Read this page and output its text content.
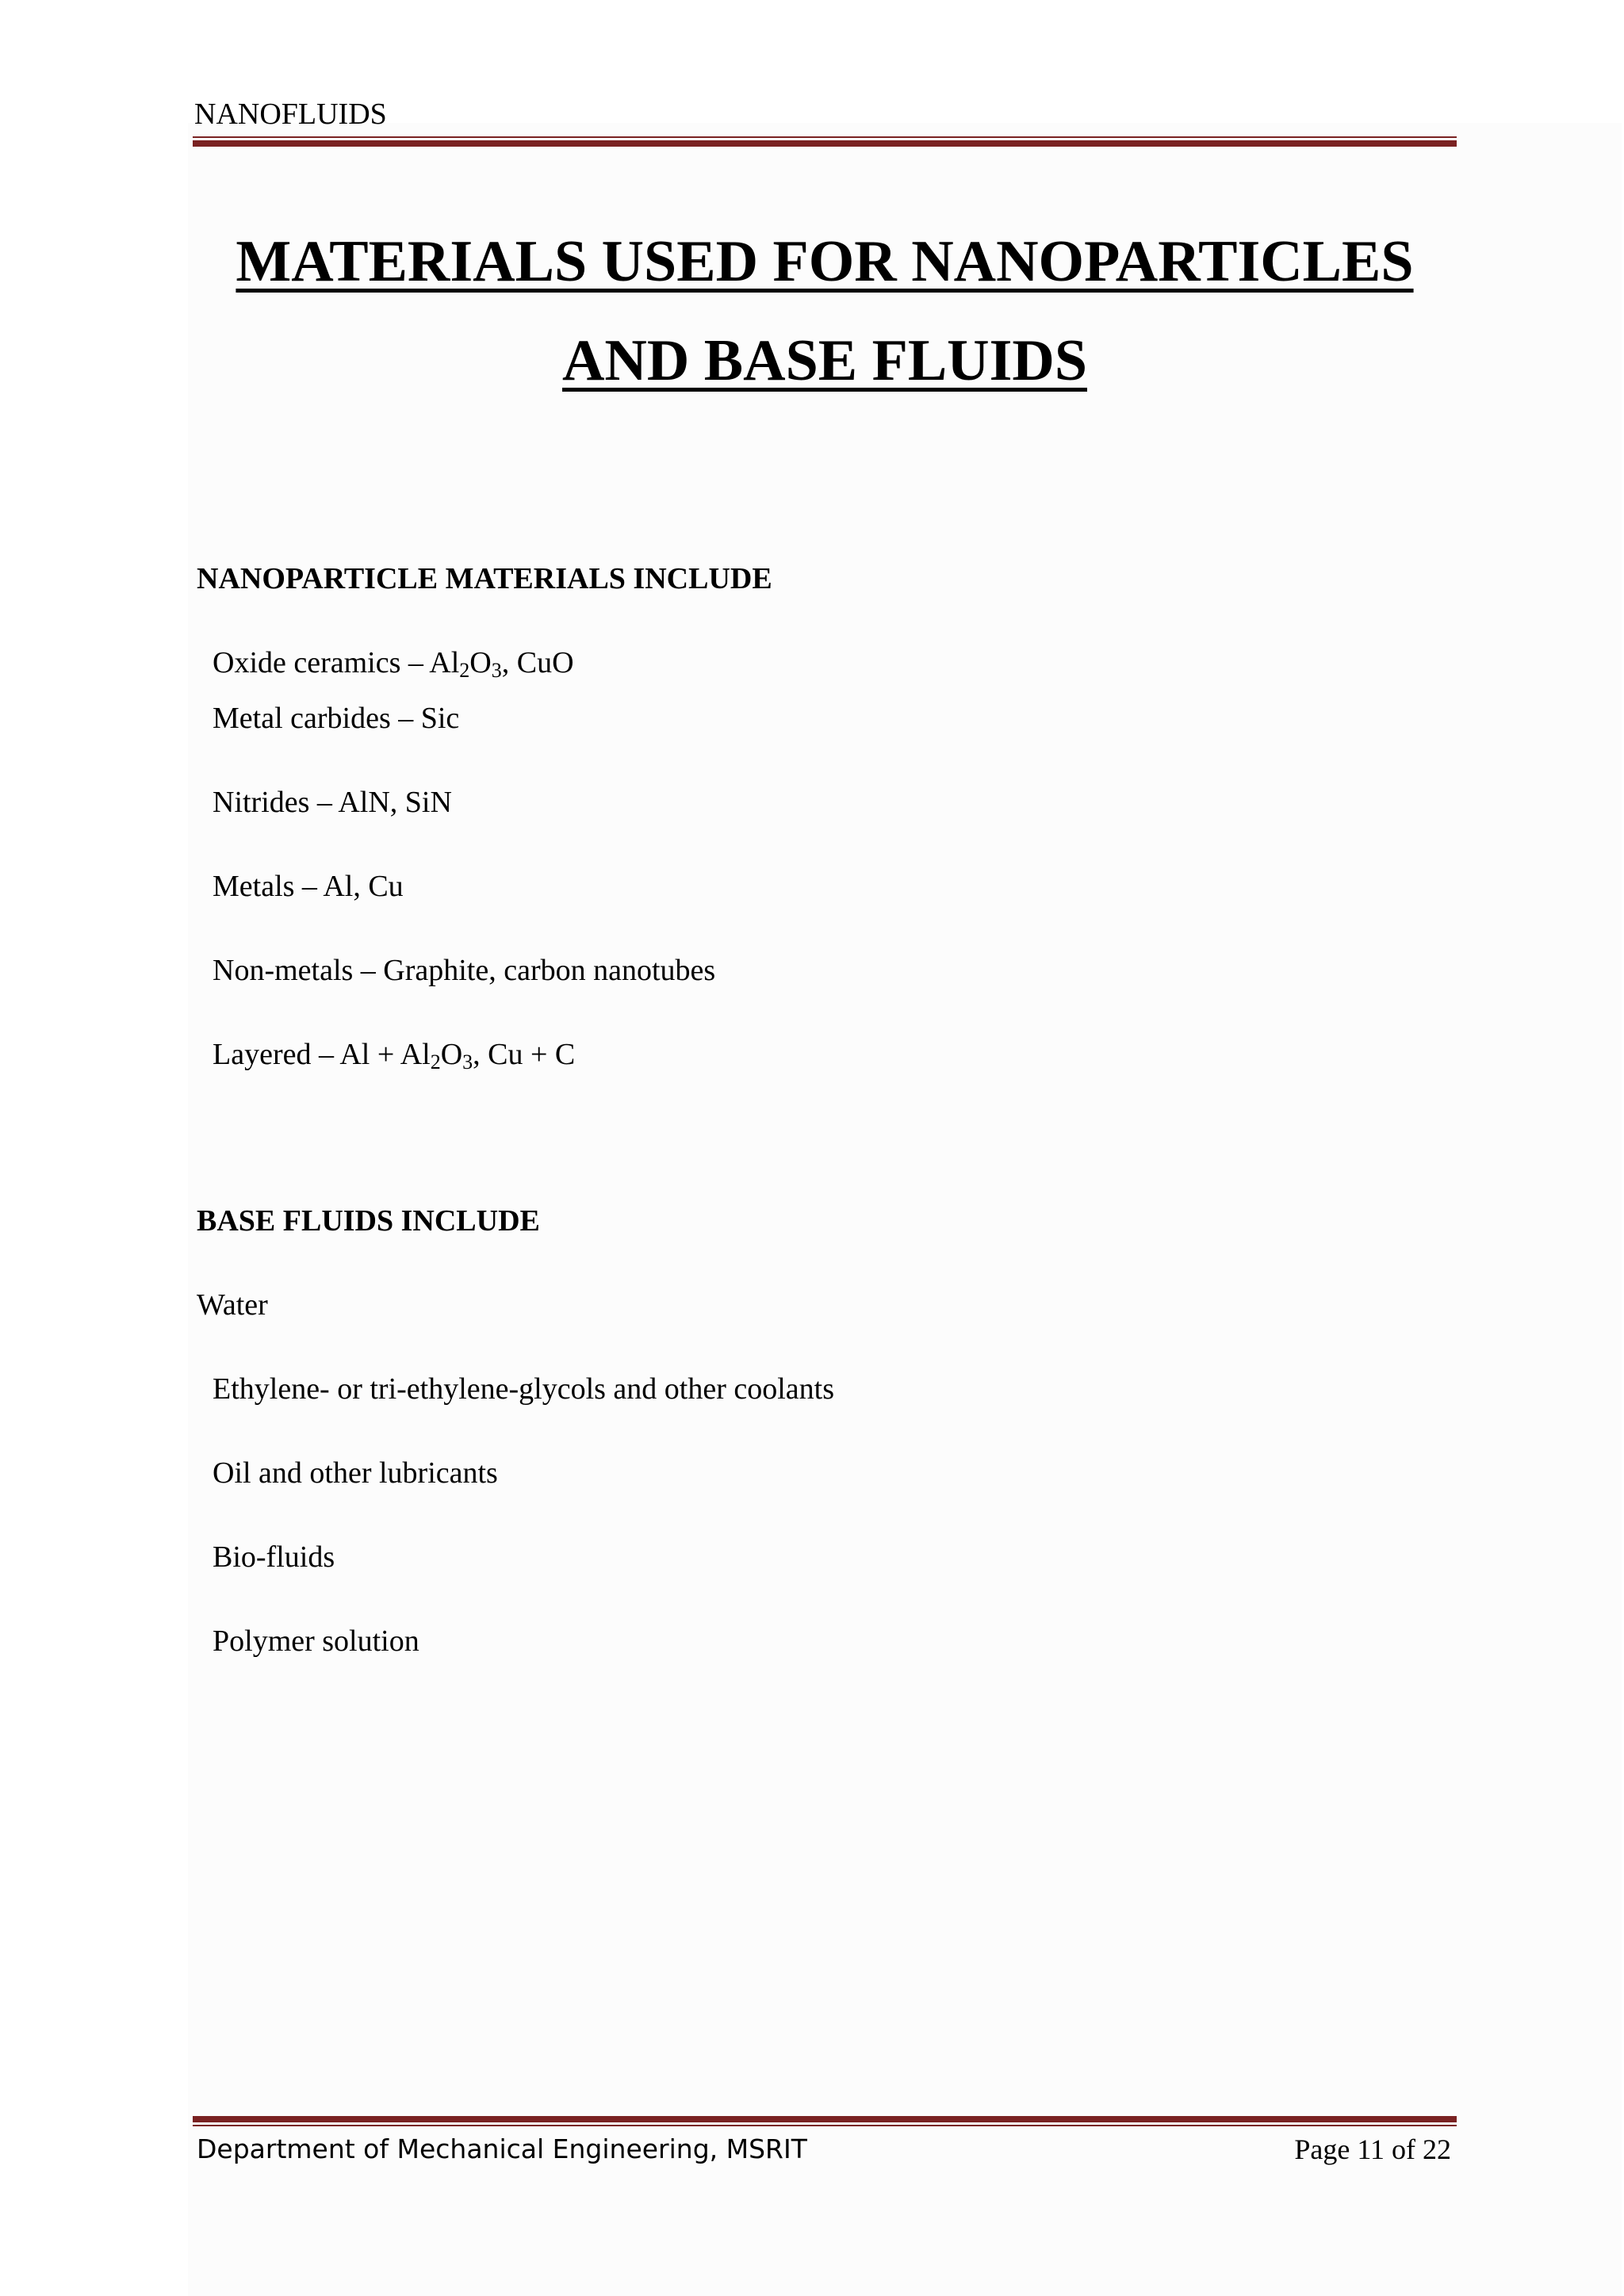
NANOFLUIDS
MATERIALS USED FOR NANOPARTICLES
AND BASE FLUIDS
NANOPARTICLE MATERIALS INCLUDE
Oxide ceramics – $Al_2O_3$, CuO
Metal carbides – Sic
Nitrides – AlN, SiN
Metals – Al, Cu
Non-metals – Graphite, carbon nanotubes
Layered – $Al + Al_2O_3$, Cu + C
BASE FLUIDS INCLUDE
Water
Ethylene- or tri-ethylene-glycols and other coolants
Oil and other lubricants
Bio-fluids
Polymer solution
Department of Mechanical Engineering, MSRIT	Page 11 of 22
